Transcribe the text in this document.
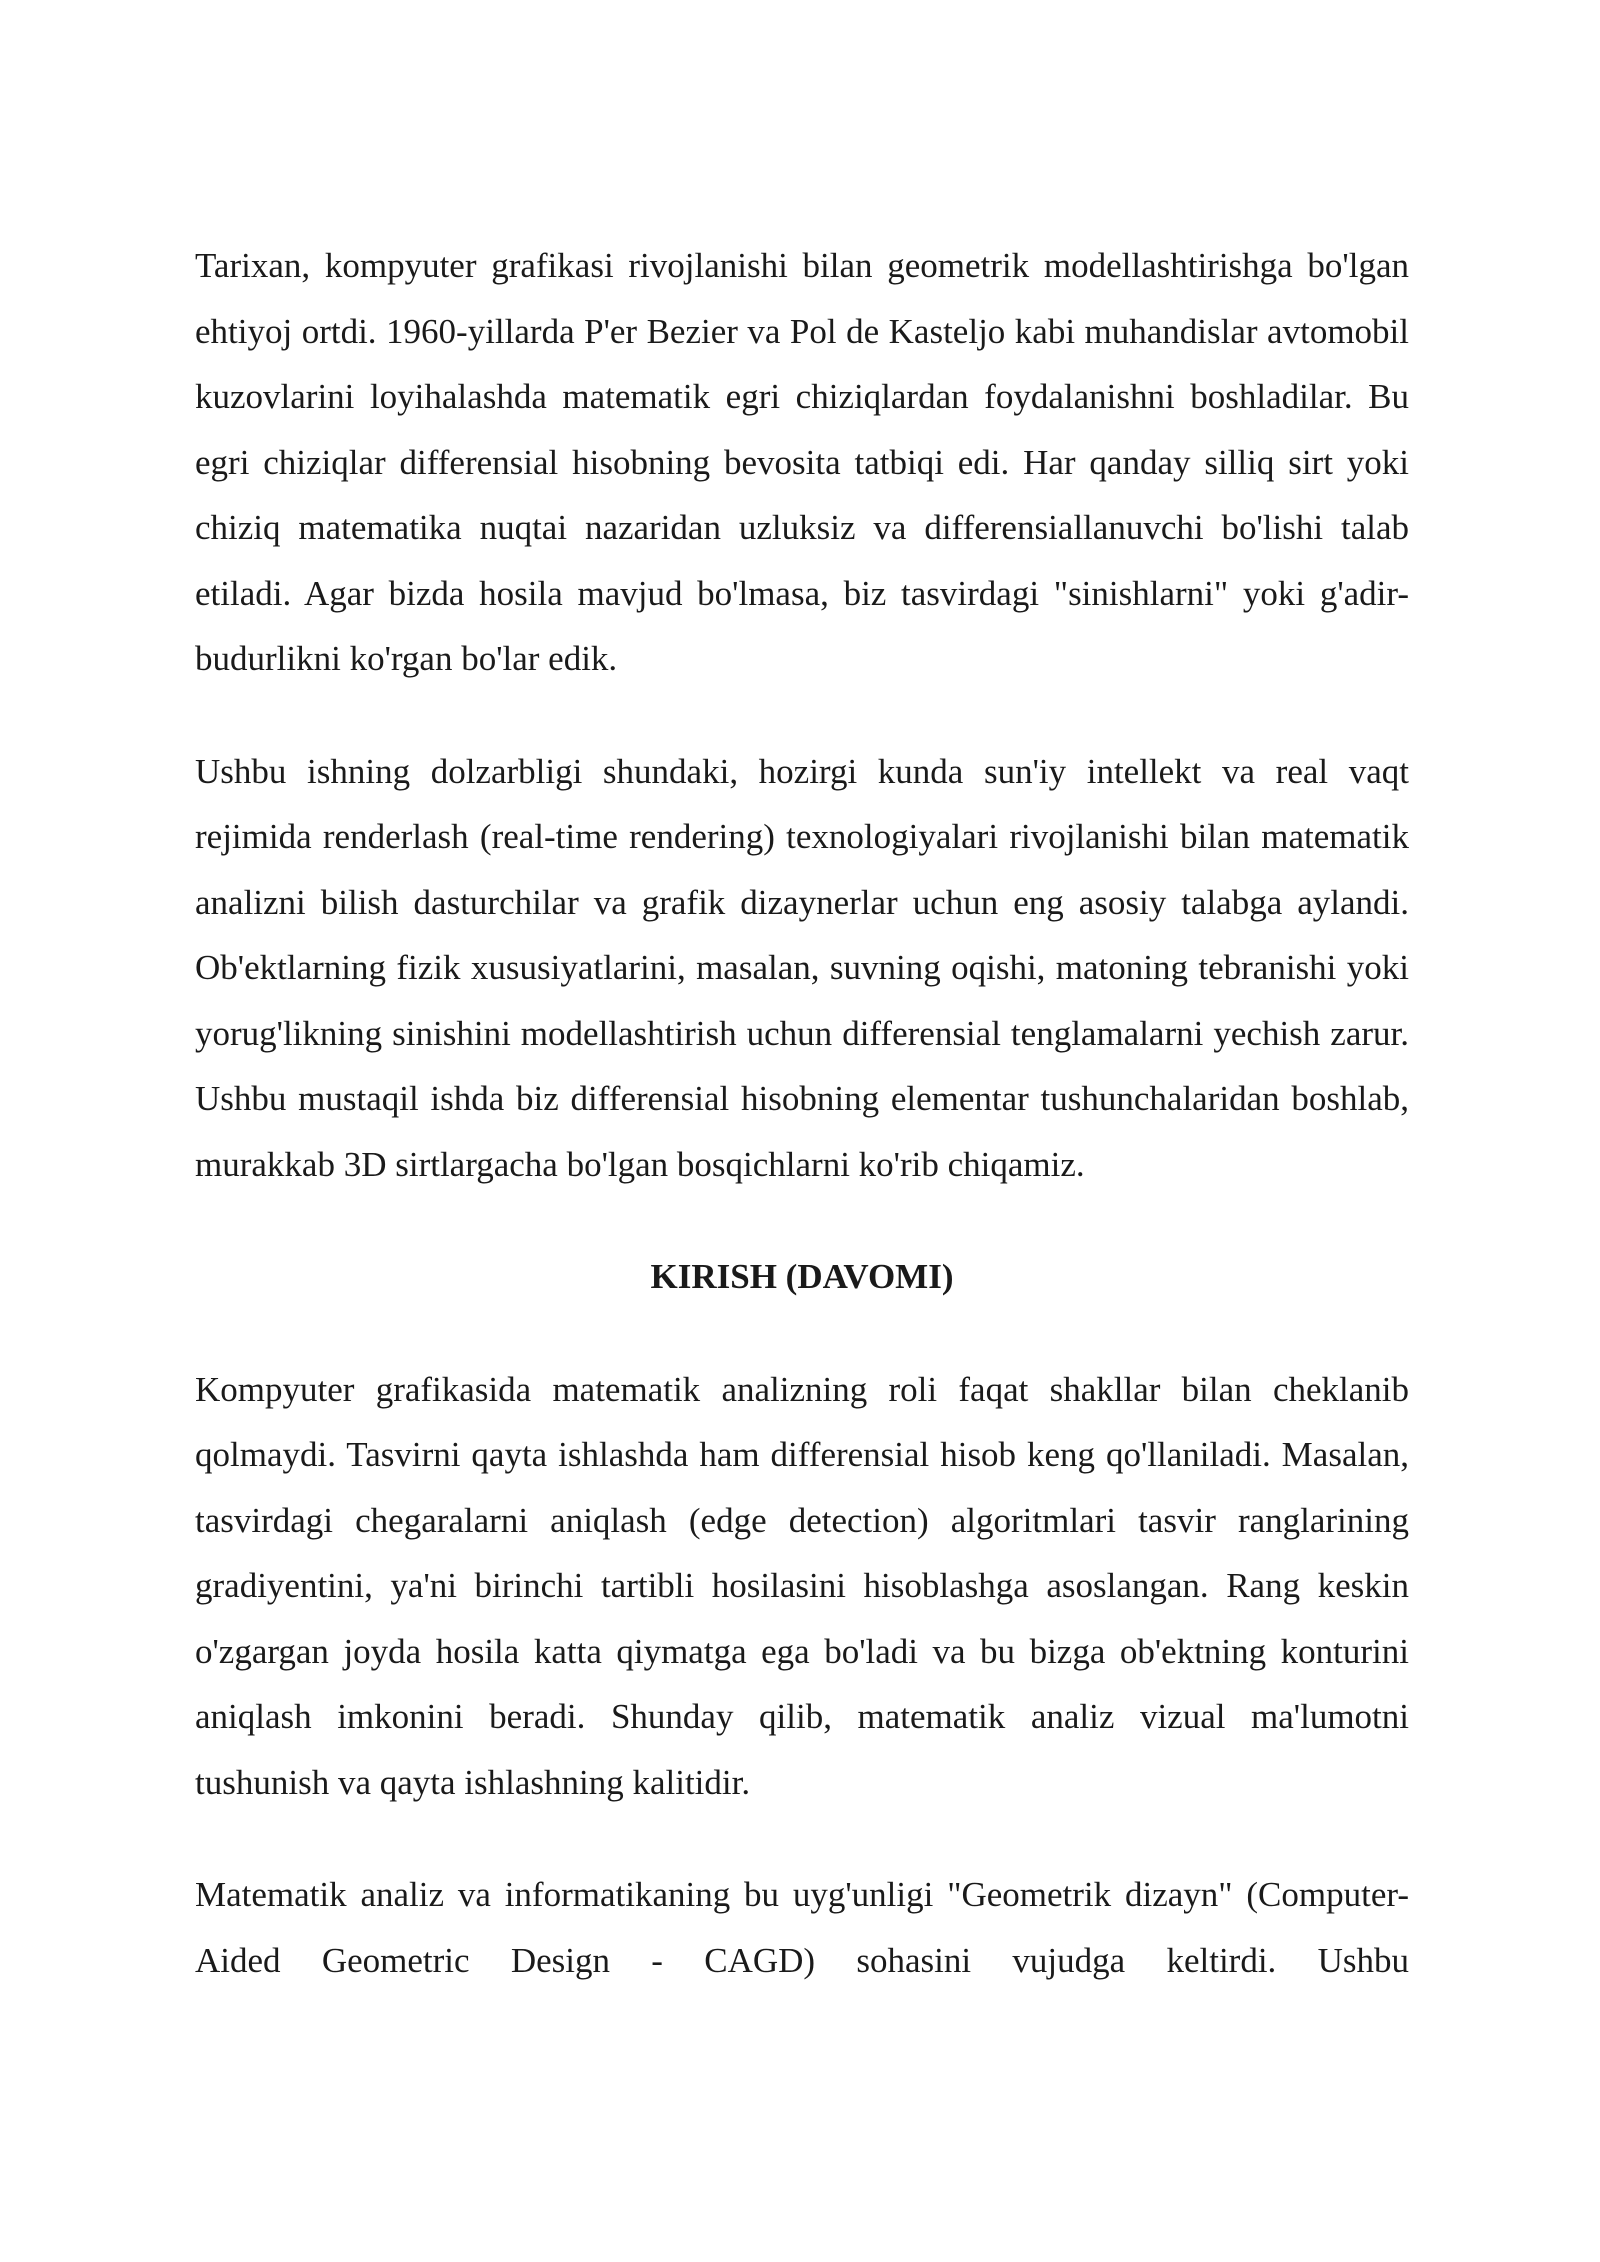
Tarixan, kompyuter grafikasi rivojlanishi bilan geometrik modellashtirishga bo'lgan ehtiyoj ortdi. 1960-yillarda P'er Bezier va Pol de Kasteljo kabi muhandislar avtomobil kuzovlarini loyihalashda matematik egri chiziqlardan foydalanishni boshladilar. Bu egri chiziqlar differensial hisobning bevosita tatbiqi edi. Har qanday silliq sirt yoki chiziq matematika nuqtai nazaridan uzluksiz va differensiallanuvchi bo'lishi talab etiladi. Agar bizda hosila mavjud bo'lmasa, biz tasvirdagi "sinishlarni" yoki g'adir-budurlikni ko'rgan bo'lar edik.

Ushbu ishning dolzarbligi shundaki, hozirgi kunda sun'iy intellekt va real vaqt rejimida renderlash (real-time rendering) texnologiyalari rivojlanishi bilan matematik analizni bilish dasturchilar va grafik dizaynerlar uchun eng asosiy talabga aylandi. Ob'ektlarning fizik xususiyatlarini, masalan, suvning oqishi, matoning tebranishi yoki yorug'likning sinishini modellashtirish uchun differensial tenglamalarni yechish zarur. Ushbu mustaqil ishda biz differensial hisobning elementar tushunchalaridan boshlab, murakkab 3D sirtlargacha bo'lgan bosqichlarni ko'rib chiqamiz.

KIRISH (DAVOMI)

Kompyuter grafikasida matematik analizning roli faqat shakllar bilan cheklanib qolmaydi. Tasvirni qayta ishlashda ham differensial hisob keng qo'llaniladi. Masalan, tasvirdagi chegaralarni aniqlash (edge detection) algoritmlari tasvir ranglarining gradiyentini, ya'ni birinchi tartibli hosilasini hisoblashga asoslangan. Rang keskin o'zgargan joyda hosila katta qiymatga ega bo'ladi va bu bizga ob'ektning konturini aniqlash imkonini beradi. Shunday qilib, matematik analiz vizual ma'lumotni tushunish va qayta ishlashning kalitidir.

Matematik analiz va informatikaning bu uyg'unligi "Geometrik dizayn" (Computer-Aided Geometric Design - CAGD) sohasini vujudga keltirdi. Ushbu
